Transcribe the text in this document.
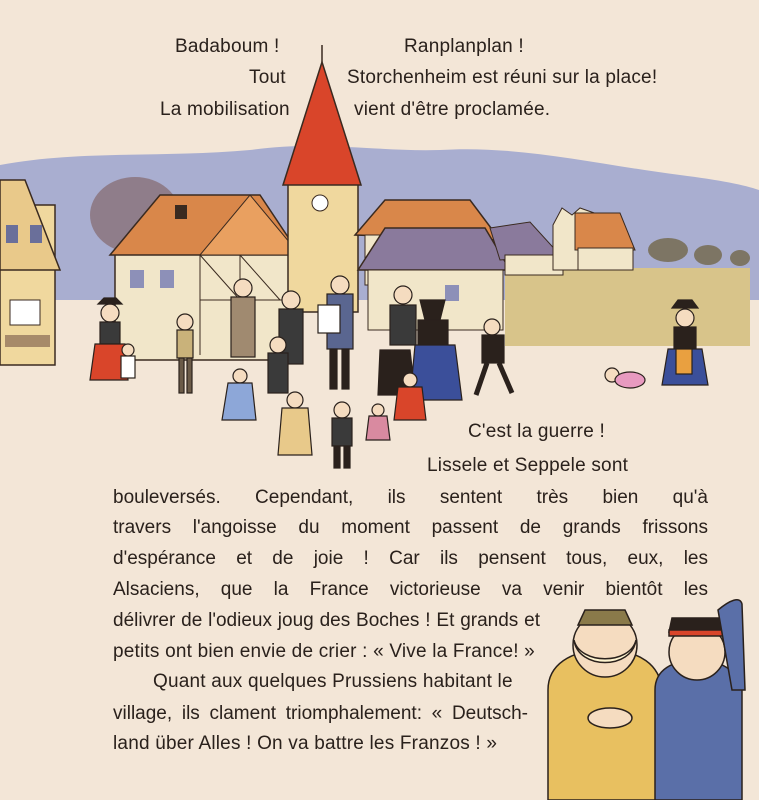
Badaboum !	Ranplanplan !
Tout	Storchenheim est réuni sur la place!
La mobilisation	vient d'être proclamée.
C'est la guerre !
Lissele et Seppele sont
bouleversés. Cependant, ils sentent très bien qu'à
travers l'angoisse du moment passent de grands frissons
d'espérance et de joie ! Car ils pensent tous, eux, les
Alsaciens, que la France victorieuse va venir bientôt les
délivrer de l'odieux joug des Boches ! Et grands et
petits ont bien envie de crier : « Vive la France! »
Quant aux quelques Prussiens habitant le
village, ils clament triomphalement: « Deutsch-
land über Alles ! On va battre les Franzos ! »
